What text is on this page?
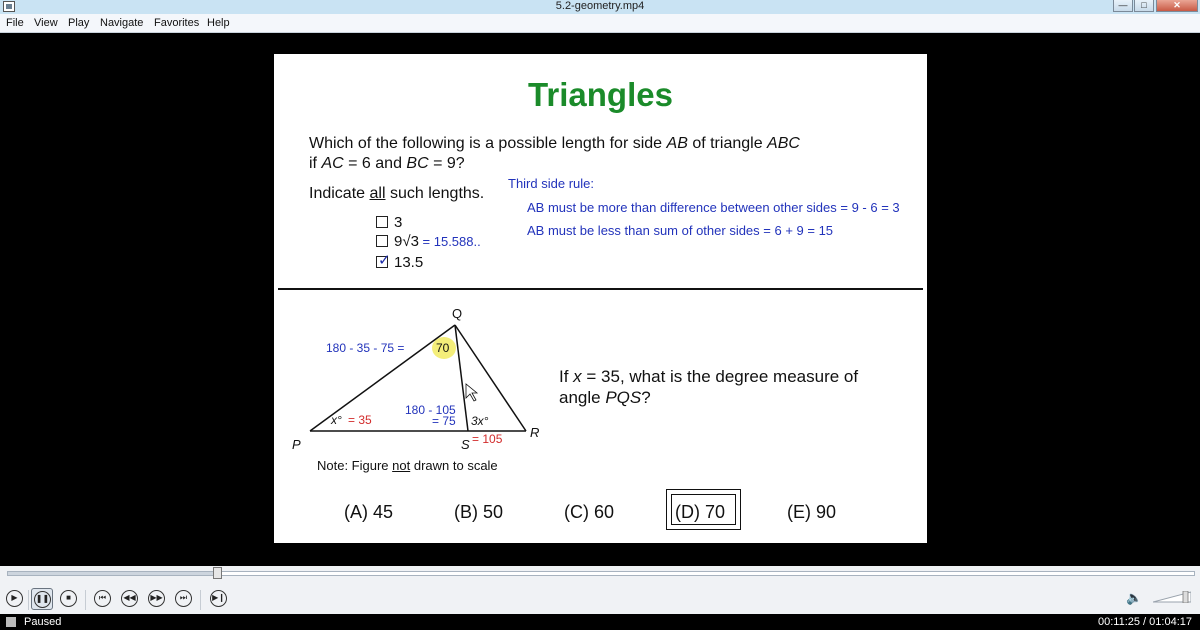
5.2-geometry.mp4	—	□	✕
File View Play Navigate Favorites Help
Triangles
Which of the following is a possible length for side AB of triangle ABC
if AC = 6 and BC = 9?
Indicate all such lengths.
3
9√3 = 15.588..
✓ 13.5
Third side rule:
AB must be more than difference between other sides = 9 - 6 = 3
AB must be less than sum of other sides = 6 + 9 = 15
Q
P	S
R
180 - 35 - 75 =	70
x° = 35
180 - 105
= 75 3x°
= 105
Note: Figure not drawn to scale
If x = 35, what is the degree measure of
angle PQS?
(A) 45	(B) 50	(C) 60	(D) 70	(E) 90
▶	❚❚	■	⏮	◀◀ ▶▶	⏭	▶❙	🔈
Paused	00:11:25 / 01:04:17
